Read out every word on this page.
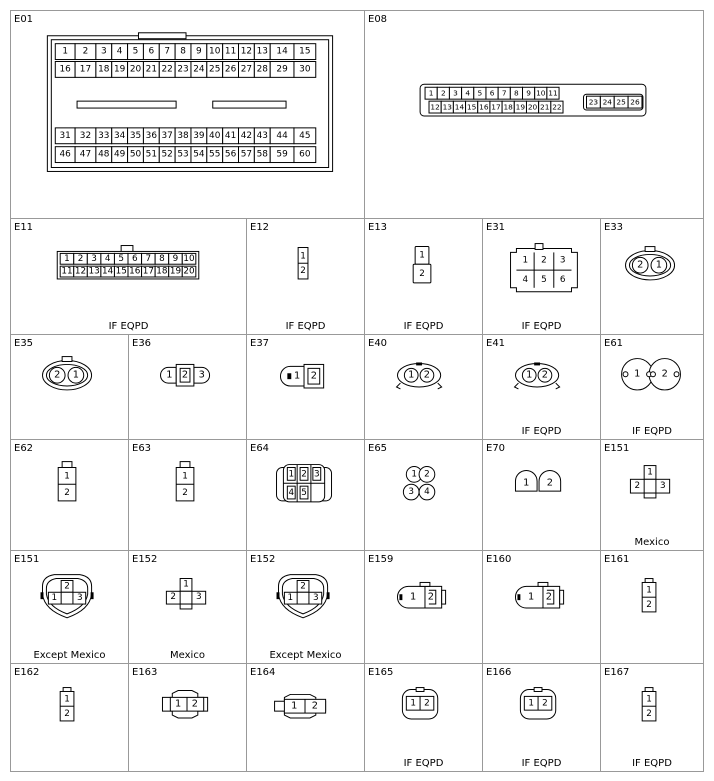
E01
1 2 3 4 5 6 7 8 9 10 11 12 13 14 15
16 17 18 19 20 21 22 23 24 25 26 27 28 29 30
31 32 33 34 35 36 37 38 39 40 41 42 43 44 45
46 47 48 49 50 51 52 53 54 55 56 57 58 59 60
E08
1 2 3 4 5 6 7 8 9 10 11
12 13 14 15 16 17 18 19 20 21 22
23 24 25 26
E11
1 2 3 4 5 6 7 8 9 10
11 12 13 14 15 16 17 18 19 20
IF EQPD
E12
1
2
IF EQPD
E13
1
2
IF EQPD
E31
1 2 3
4 5 6
IF EQPD
E33
2 1
E35
2 1
E36
1 2 3
E37
1 2
E40
1 2
E41
1 2
IF EQPD
E61
1 2
IF EQPD
E62
1
2
E63
1
2
E64
1 2 3
4 5
E65
1 2
3 4
E70
1 2
E151
1
2 3
Mexico
E151
2
1 3
Except Mexico
E152
1
2 3
Mexico
E152
2
1 3
Except Mexico
E159
1 2
E160
1 2
E161
1
2
E162
1
2
E163
1 2
E164
1 2
E165
1 2
IF EQPD
E166
1 2
IF EQPD
E167
1
2
IF EQPD
